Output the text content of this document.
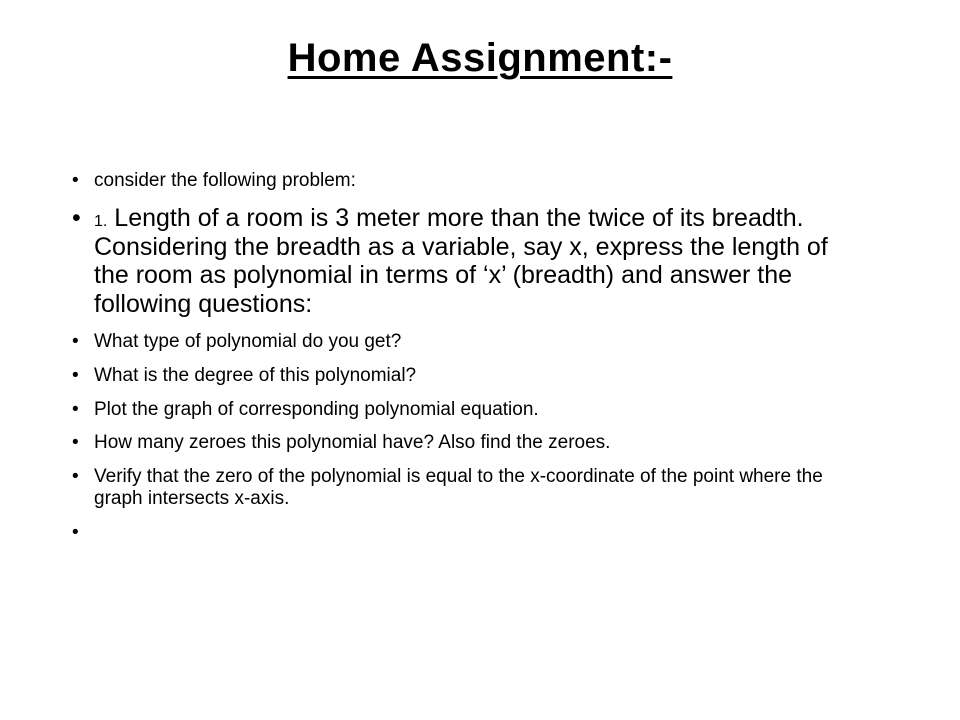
Home Assignment:-
• consider the following problem:
• 1. Length of a room is 3 meter more than the twice of its breadth. Considering the breadth as a variable, say x, express the length of the room as polynomial in terms of ‘x’ (breadth) and answer the following questions:
• What type of polynomial do you get?
• What is the degree of this polynomial?
• Plot the graph of corresponding polynomial equation.
• How many zeroes this polynomial have? Also find the zeroes.
• Verify that the zero of the polynomial is equal to the x-coordinate of the point where the graph intersects x-axis.
•
